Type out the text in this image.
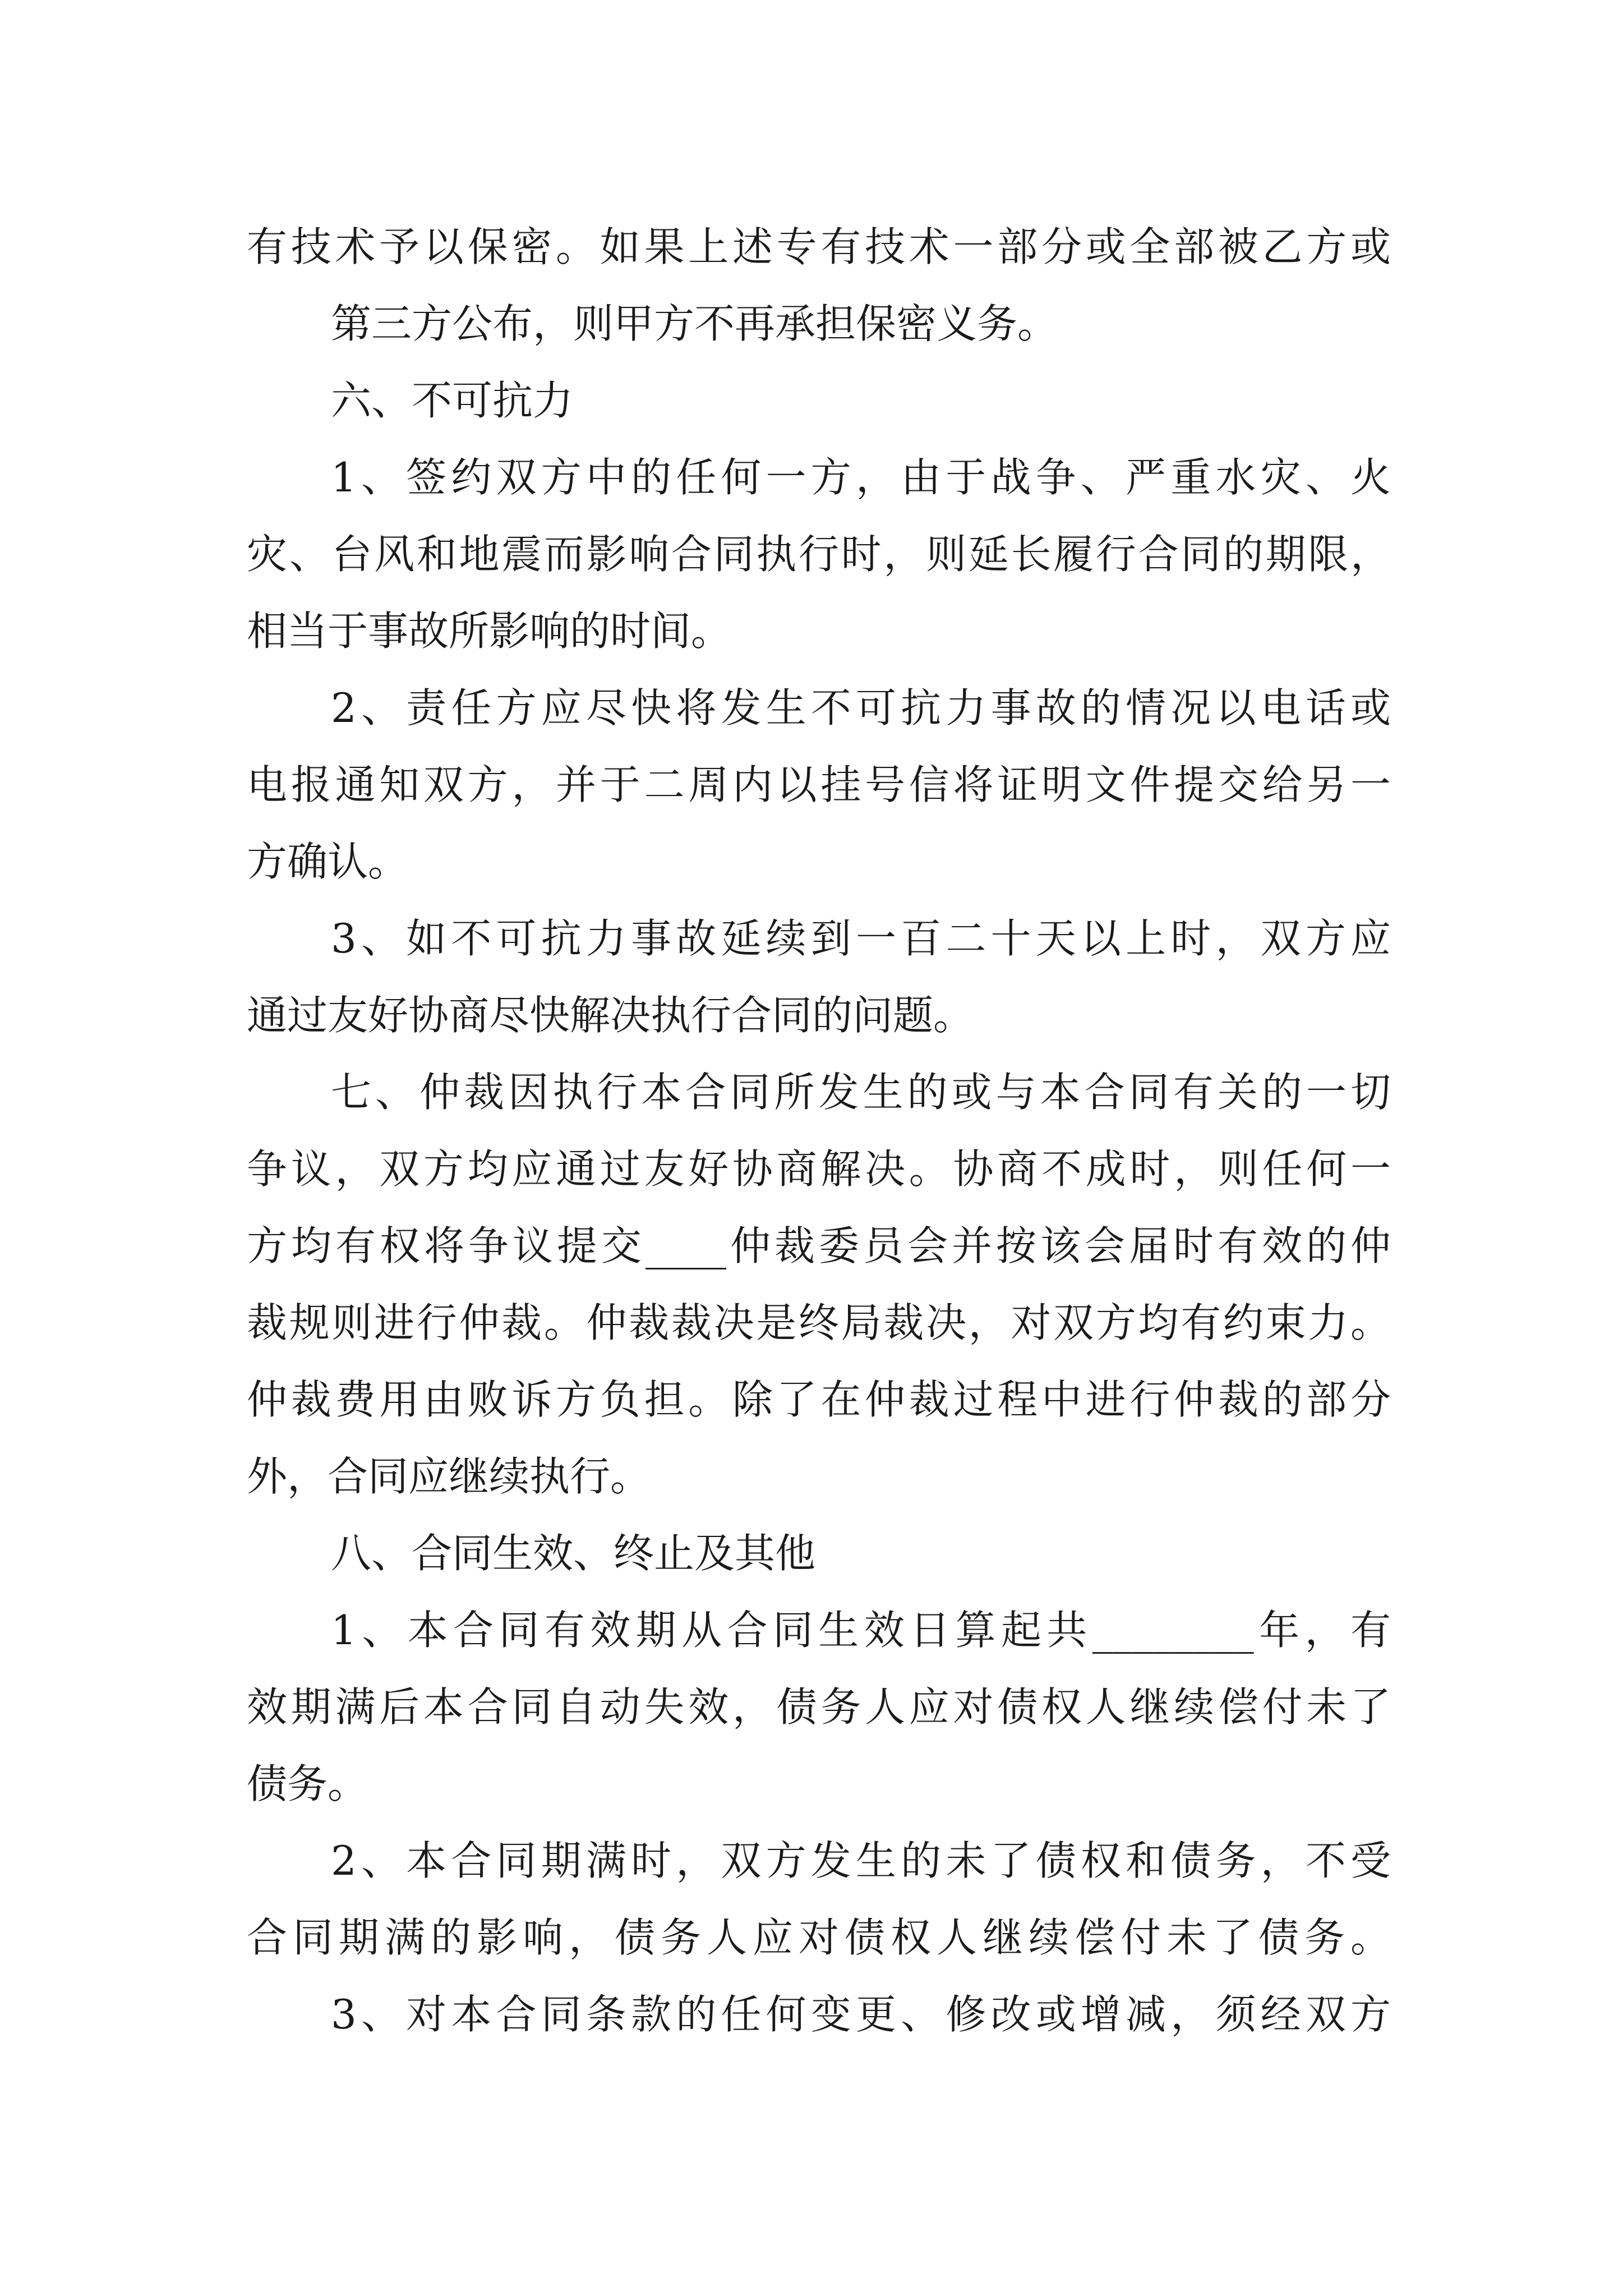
有技术予以保密。如果上述专有技术一部分或全部被乙方或
第三方公布，则甲方不再承担保密义务。
六、不可抗力
1、签约双方中的任何一方，由于战争、严重水灾、火
灾、台风和地震而影响合同执行时，则延长履行合同的期限，
相当于事故所影响的时间。
2、责任方应尽快将发生不可抗力事故的情况以电话或
电报通知双方，并于二周内以挂号信将证明文件提交给另一
方确认。
3、如不可抗力事故延续到一百二十天以上时，双方应
通过友好协商尽快解决执行合同的问题。
七、仲裁因执行本合同所发生的或与本合同有关的一切
争议，双方均应通过友好协商解决。协商不成时，则任何一
方均有权将争议提交____仲裁委员会并按该会届时有效的仲
裁规则进行仲裁。仲裁裁决是终局裁决，对双方均有约束力。
仲裁费用由败诉方负担。除了在仲裁过程中进行仲裁的部分
外，合同应继续执行。
八、合同生效、终止及其他
1、本合同有效期从合同生效日算起共________年，有
效期满后本合同自动失效，债务人应对债权人继续偿付未了
债务。
2、本合同期满时，双方发生的未了债权和债务，不受
合同期满的影响，债务人应对债权人继续偿付未了债务。
3、对本合同条款的任何变更、修改或增减，须经双方
